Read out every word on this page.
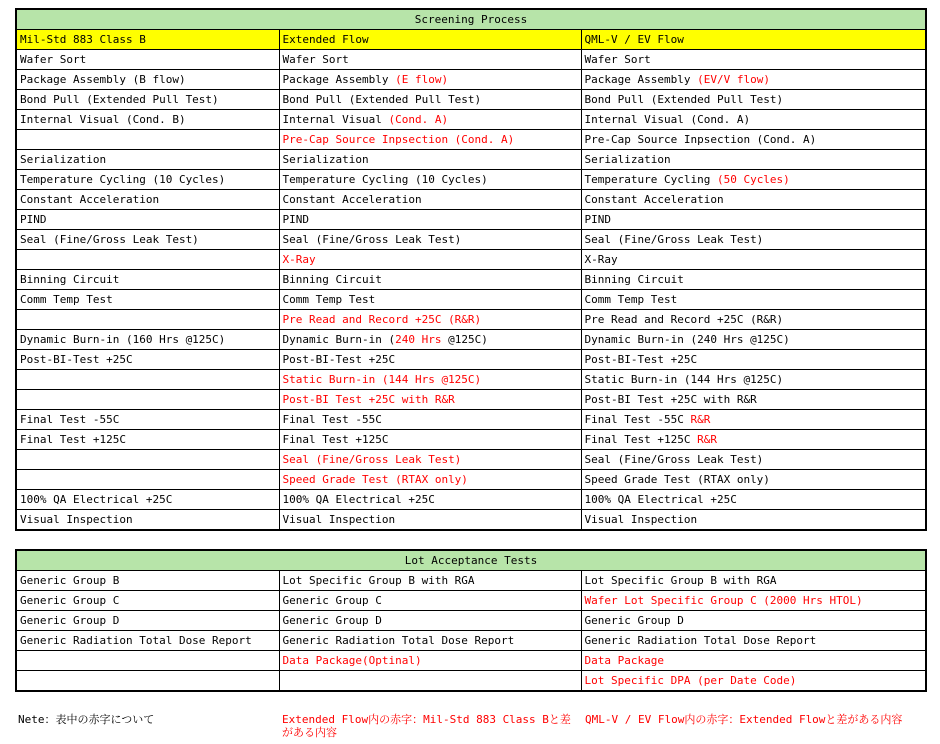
Screening Process		
Mil-Std 883 Class B	Extended Flow	QML-V / EV Flow
Wafer Sort	Wafer Sort	Wafer Sort
Package Assembly (B flow)	Package Assembly (E flow)	Package Assembly (EV/V flow)
Bond Pull (Extended Pull Test)	Bond Pull (Extended Pull Test)	Bond Pull (Extended Pull Test)
Internal Visual (Cond. B)	Internal Visual (Cond. A)	Internal Visual (Cond. A)
	Pre-Cap Source Inpsection (Cond. A)	Pre-Cap Source Inpsection (Cond. A)
Serialization	Serialization	Serialization
Temperature Cycling (10 Cycles)	Temperature Cycling (10 Cycles)	Temperature Cycling (50 Cycles)
Constant Acceleration	Constant Acceleration	Constant Acceleration
PIND	PIND	PIND
Seal (Fine/Gross Leak Test)	Seal (Fine/Gross Leak Test)	Seal (Fine/Gross Leak Test)
	X-Ray	X-Ray
Binning Circuit	Binning Circuit	Binning Circuit
Comm Temp Test	Comm Temp Test	Comm Temp Test
	Pre Read and Record +25C (R&R)	Pre Read and Record +25C (R&R)
Dynamic Burn-in (160 Hrs @125C)	Dynamic Burn-in (240 Hrs @125C)	Dynamic Burn-in (240 Hrs @125C)
Post-BI-Test +25C	Post-BI-Test +25C	Post-BI-Test +25C
	Static Burn-in (144 Hrs @125C)	Static Burn-in (144 Hrs @125C)
	Post-BI Test +25C with R&R	Post-BI Test +25C with R&R
Final Test -55C	Final Test -55C	Final Test -55C R&R
Final Test +125C	Final Test +125C	Final Test +125C R&R
	Seal (Fine/Gross Leak Test)	Seal (Fine/Gross Leak Test)
	Speed Grade Test (RTAX only)	Speed Grade Test (RTAX only)
100% QA Electrical +25C	100% QA Electrical +25C	100% QA Electrical +25C
Visual Inspection	Visual Inspection	Visual Inspection
Lot Acceptance Tests		
Generic Group B	Lot Specific Group B with RGA	Lot Specific Group B with RGA
Generic Group C	Generic Group C	Wafer Lot Specific Group C (2000 Hrs HTOL)
Generic Group D	Generic Group D	Generic Group D
Generic Radiation Total Dose Report	Generic Radiation Total Dose Report	Generic Radiation Total Dose Report
	Data Package(Optinal)	Data Package
		Lot Specific DPA (per Date Code)
Nete：表中の赤字について	Extended Flow内の赤字：Mil-Std 883 Class Bと差がある内容
QML-V / EV Flow内の赤字：Extended Flowと差がある内容
